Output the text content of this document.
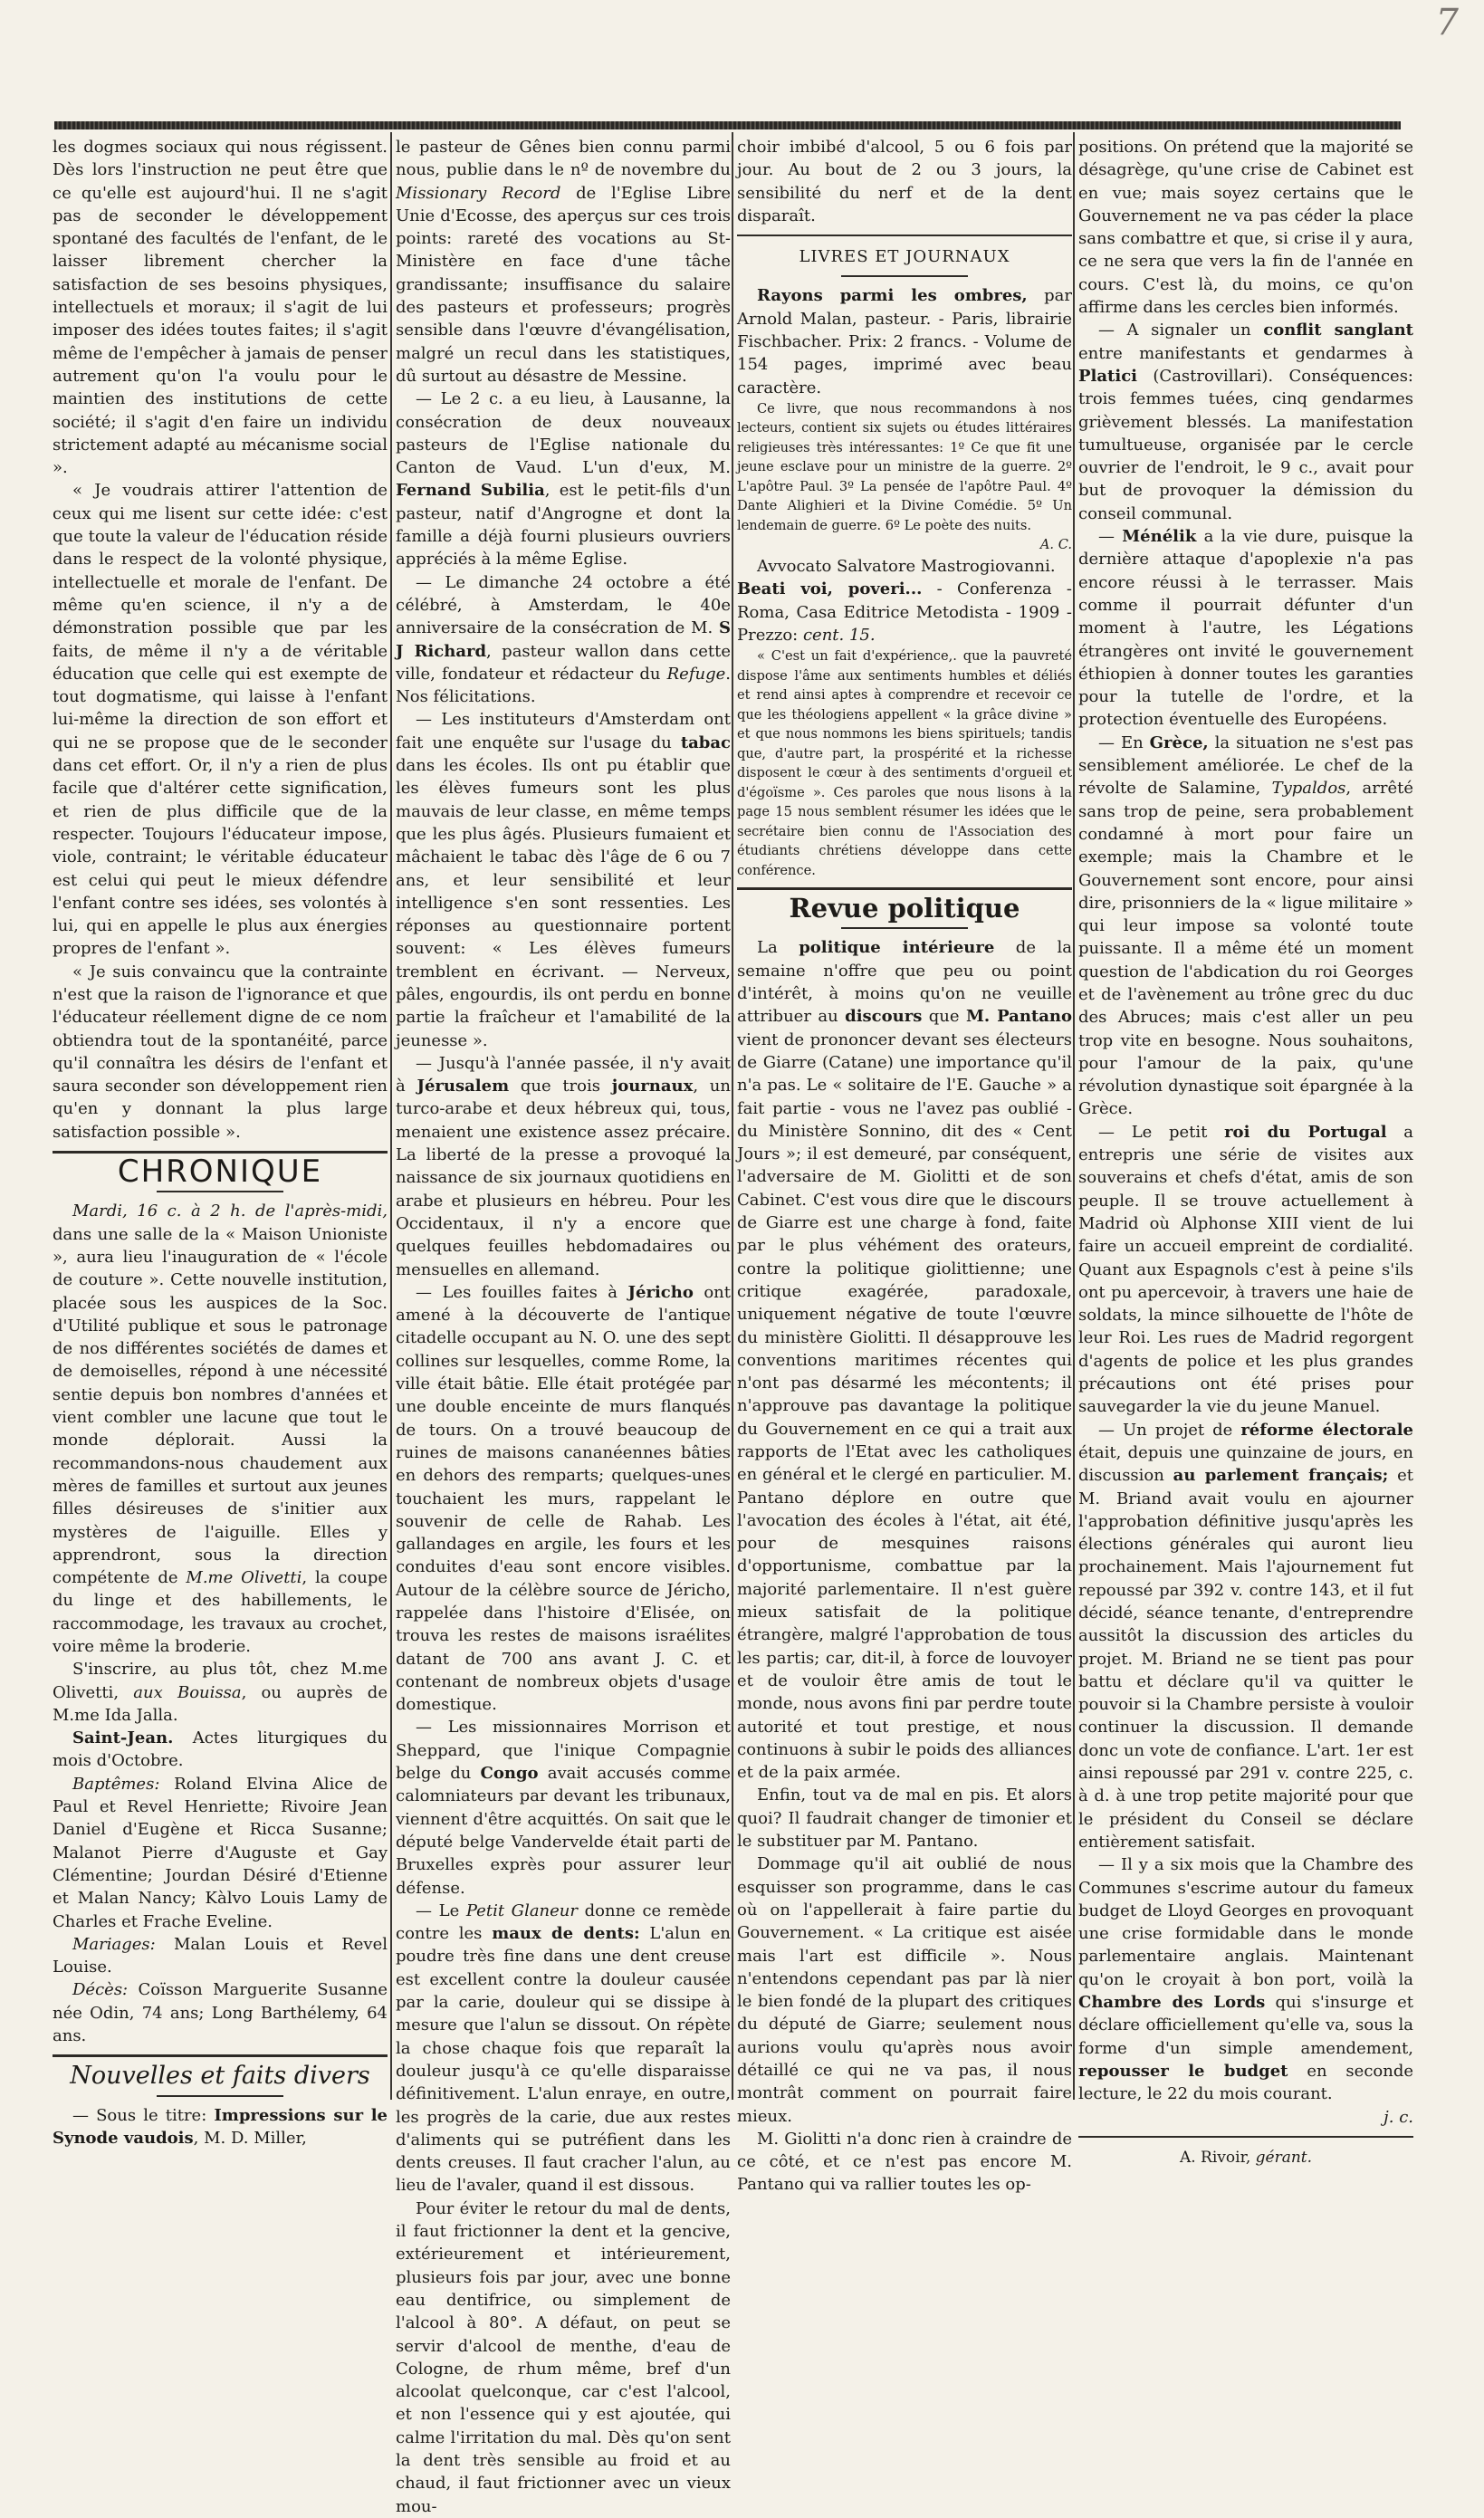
7

les dogmes sociaux qui nous régissent. Dès lors l'instruction ne peut être que ce qu'elle est aujourd'hui. Il ne s'agit pas de seconder le développement spontané des facultés de l'enfant, de le laisser librement chercher la satisfaction de ses besoins physiques, intellectuels et moraux; il s'agit de lui imposer des idées toutes faites; il s'agit même de l'empêcher à jamais de penser autrement qu'on l'a voulu pour le maintien des institutions de cette société; il s'agit d'en faire un individu strictement adapté au mécanisme social ».

« Je voudrais attirer l'attention de ceux qui me lisent sur cette idée: c'est que toute la valeur de l'éducation réside dans le respect de la volonté physique, intellectuelle et morale de l'enfant. De même qu'en science, il n'y a de démonstration possible que par les faits, de même il n'y a de véritable éducation que celle qui est exempte de tout dogmatisme, qui laisse à l'enfant lui-même la direction de son effort et qui ne se propose que de le seconder dans cet effort. Or, il n'y a rien de plus facile que d'altérer cette signification, et rien de plus difficile que de la respecter. Toujours l'éducateur impose, viole, contraint; le véritable éducateur est celui qui peut le mieux défendre l'enfant contre ses idées, ses volontés à lui, qui en appelle le plus aux énergies propres de l'enfant ».

« Je suis convaincu que la contrainte n'est que la raison de l'ignorance et que l'éducateur réellement digne de ce nom obtiendra tout de la spontanéité, parce qu'il connaîtra les désirs de l'enfant et saura seconder son développement rien qu'en y donnant la plus large satisfaction possible ».

CHRONIQUE

Mardi, 16 c. à 2 h. de l'après-midi, dans une salle de la « Maison Unioniste », aura lieu l'inauguration de « l'école de couture ». Cette nouvelle institution, placée sous les auspices de la Soc. d'Utilité publique et sous le patronage de nos différentes sociétés de dames et de demoiselles, répond à une nécessité sentie depuis bon nombres d'années et vient combler une lacune que tout le monde déplorait. Aussi la recommandons-nous chaudement aux mères de familles et surtout aux jeunes filles désireuses de s'initier aux mystères de l'aiguille. Elles y apprendront, sous la direction compétente de M.me Olivetti, la coupe du linge et des habillements, le raccommodage, les travaux au crochet, voire même la broderie.

S'inscrire, au plus tôt, chez M.me Olivetti, aux Bouissa, ou auprès de M.me Ida Jalla.

Saint-Jean. Actes liturgiques du mois d'Octobre.

Baptêmes: Roland Elvina Alice de Paul et Revel Henriette; Rivoire Jean Daniel d'Eugène et Ricca Susanne; Malanot Pierre d'Auguste et Gay Clémentine; Jourdan Désiré d'Etienne et Malan Nancy; Kàlvo Louis Lamy de Charles et Frache Eveline.

Mariages: Malan Louis et Revel Louise.

Décès: Coïsson Marguerite Susanne née Odin, 74 ans; Long Barthélemy, 64 ans.

Nouvelles et faits divers

— Sous le titre: Impressions sur le Synode vaudois, M. D. Miller,

le pasteur de Gênes bien connu parmi nous, publie dans le nº de novembre du Missionary Record de l'Eglise Libre Unie d'Ecosse, des aperçus sur ces trois points: rareté des vocations au St-Ministère en face d'une tâche grandissante; insuffisance du salaire des pasteurs et professeurs; progrès sensible dans l'œuvre d'évangélisation, malgré un recul dans les statistiques, dû surtout au désastre de Messine.

— Le 2 c. a eu lieu, à Lausanne, la consécration de deux nouveaux pasteurs de l'Eglise nationale du Canton de Vaud. L'un d'eux, M. Fernand Subilia, est le petit-fils d'un pasteur, natif d'Angrogne et dont la famille a déjà fourni plusieurs ouvriers appréciés à la même Eglise.

— Le dimanche 24 octobre a été célébré, à Amsterdam, le 40e anniversaire de la consécration de M. S J Richard, pasteur wallon dans cette ville, fondateur et rédacteur du Refuge. Nos félicitations.

— Les instituteurs d'Amsterdam ont fait une enquête sur l'usage du tabac dans les écoles. Ils ont pu établir que les élèves fumeurs sont les plus mauvais de leur classe, en même temps que les plus âgés. Plusieurs fumaient et mâchaient le tabac dès l'âge de 6 ou 7 ans, et leur sensibilité et leur intelligence s'en sont ressenties. Les réponses au questionnaire portent souvent: « Les élèves fumeurs tremblent en écrivant. — Nerveux, pâles, engourdis, ils ont perdu en bonne partie la fraîcheur et l'amabilité de la jeunesse ».

— Jusqu'à l'année passée, il n'y avait à Jérusalem que trois journaux, un turco-arabe et deux hébreux qui, tous, menaient une existence assez précaire. La liberté de la presse a provoqué la naissance de six journaux quotidiens en arabe et plusieurs en hébreu. Pour les Occidentaux, il n'y a encore que quelques feuilles hebdomadaires ou mensuelles en allemand.

— Les fouilles faites à Jéricho ont amené à la découverte de l'antique citadelle occupant au N. O. une des sept collines sur lesquelles, comme Rome, la ville était bâtie. Elle était protégée par une double enceinte de murs flanqués de tours. On a trouvé beaucoup de ruines de maisons cananéennes bâties en dehors des remparts; quelques-unes touchaient les murs, rappelant le souvenir de celle de Rahab. Les gallandages en argile, les fours et les conduites d'eau sont encore visibles. Autour de la célèbre source de Jéricho, rappelée dans l'histoire d'Elisée, on trouva les restes de maisons israélites datant de 700 ans avant J. C. et contenant de nombreux objets d'usage domestique.

— Les missionnaires Morrison et Sheppard, que l'inique Compagnie belge du Congo avait accusés comme calomniateurs par devant les tribunaux, viennent d'être acquittés. On sait que le député belge Vandervelde était parti de Bruxelles exprès pour assurer leur défense.

— Le Petit Glaneur donne ce remède contre les maux de dents: L'alun en poudre très fine dans une dent creuse est excellent contre la douleur causée par la carie, douleur qui se dissipe à mesure que l'alun se dissout. On répète la chose chaque fois que reparaît la douleur jusqu'à ce qu'elle disparaisse définitivement. L'alun enraye, en outre, les progrès de la carie, due aux restes d'aliments qui se putréfient dans les dents creuses. Il faut cracher l'alun, au lieu de l'avaler, quand il est dissous.

Pour éviter le retour du mal de dents, il faut frictionner la dent et la gencive, extérieurement et intérieurement, plusieurs fois par jour, avec une bonne eau dentifrice, ou simplement de l'alcool à 80°. A défaut, on peut se servir d'alcool de menthe, d'eau de Cologne, de rhum même, bref d'un alcoolat quelconque, car c'est l'alcool, et non l'essence qui y est ajoutée, qui calme l'irritation du mal. Dès qu'on sent la dent très sensible au froid et au chaud, il faut frictionner avec un vieux mou-

choir imbibé d'alcool, 5 ou 6 fois par jour. Au bout de 2 ou 3 jours, la sensibilité du nerf et de la dent disparaît.

LIVRES ET JOURNAUX

Rayons parmi les ombres, par Arnold Malan, pasteur. - Paris, librairie Fischbacher. Prix: 2 francs. - Volume de 154 pages, imprimé avec beau caractère.

Ce livre, que nous recommandons à nos lecteurs, contient six sujets ou études littéraires religieuses très intéressantes: 1º Ce que fit une jeune esclave pour un ministre de la guerre. 2º L'apôtre Paul. 3º La pensée de l'apôtre Paul. 4º Dante Alighieri et la Divine Comédie. 5º Un lendemain de guerre. 6º Le poète des nuits.

A. C.

Avvocato Salvatore Mastrogiovanni.

Beati voi, poveri... - Conferenza - Roma, Casa Editrice Metodista - 1909 - Prezzo: cent. 15.

« C'est un fait d'expérience,. que la pauvreté dispose l'âme aux sentiments humbles et déliés et rend ainsi aptes à comprendre et recevoir ce que les théologiens appellent « la grâce divine » et que nous nommons les biens spirituels; tandis que, d'autre part, la prospérité et la richesse disposent le cœur à des sentiments d'orgueil et d'égoïsme ». Ces paroles que nous lisons à la page 15 nous semblent résumer les idées que le secrétaire bien connu de l'Association des étudiants chrétiens développe dans cette conférence.

Revue politique

La politique intérieure de la semaine n'offre que peu ou point d'intérêt, à moins qu'on ne veuille attribuer au discours que M. Pantano vient de prononcer devant ses électeurs de Giarre (Catane) une importance qu'il n'a pas. Le « solitaire de l'E. Gauche » a fait partie - vous ne l'avez pas oublié - du Ministère Sonnino, dit des « Cent Jours »; il est demeuré, par conséquent, l'adversaire de M. Giolitti et de son Cabinet. C'est vous dire que le discours de Giarre est une charge à fond, faite par le plus véhément des orateurs, contre la politique giolittienne; une critique exagérée, paradoxale, uniquement négative de toute l'œuvre du ministère Giolitti. Il désapprouve les conventions maritimes récentes qui n'ont pas désarmé les mécontents; il n'approuve pas davantage la politique du Gouvernement en ce qui a trait aux rapports de l'Etat avec les catholiques en général et le clergé en particulier. M. Pantano déplore en outre que l'avocation des écoles à l'état, ait été, pour de mesquines raisons d'opportunisme, combattue par la majorité parlementaire. Il n'est guère mieux satisfait de la politique étrangère, malgré l'approbation de tous les partis; car, dit-il, à force de louvoyer et de vouloir être amis de tout le monde, nous avons fini par perdre toute autorité et tout prestige, et nous continuons à subir le poids des alliances et de la paix armée.

Enfin, tout va de mal en pis. Et alors quoi? Il faudrait changer de timonier et le substituer par M. Pantano.

Dommage qu'il ait oublié de nous esquisser son programme, dans le cas où on l'appellerait à faire partie du Gouvernement. « La critique est aisée mais l'art est difficile ». Nous n'entendons cependant pas par là nier le bien fondé de la plupart des critiques du député de Giarre; seulement nous aurions voulu qu'après nous avoir détaillé ce qui ne va pas, il nous montrât comment on pourrait faire mieux.

M. Giolitti n'a donc rien à craindre de ce côté, et ce n'est pas encore M. Pantano qui va rallier toutes les op-

positions. On prétend que la majorité se désagrège, qu'une crise de Cabinet est en vue; mais soyez certains que le Gouvernement ne va pas céder la place sans combattre et que, si crise il y aura, ce ne sera que vers la fin de l'année en cours. C'est là, du moins, ce qu'on affirme dans les cercles bien informés.

— A signaler un conflit sanglant entre manifestants et gendarmes à Platici (Castrovillari). Conséquences: trois femmes tuées, cinq gendarmes grièvement blessés. La manifestation tumultueuse, organisée par le cercle ouvrier de l'endroit, le 9 c., avait pour but de provoquer la démission du conseil communal.

— Ménélik a la vie dure, puisque la dernière attaque d'apoplexie n'a pas encore réussi à le terrasser. Mais comme il pourrait défunter d'un moment à l'autre, les Légations étrangères ont invité le gouvernement éthiopien à donner toutes les garanties pour la tutelle de l'ordre, et la protection éventuelle des Européens.

— En Grèce, la situation ne s'est pas sensiblement améliorée. Le chef de la révolte de Salamine, Typaldos, arrêté sans trop de peine, sera probablement condamné à mort pour faire un exemple; mais la Chambre et le Gouvernement sont encore, pour ainsi dire, prisonniers de la « ligue militaire » qui leur impose sa volonté toute puissante. Il a même été un moment question de l'abdication du roi Georges et de l'avènement au trône grec du duc des Abruces; mais c'est aller un peu trop vite en besogne. Nous souhaitons, pour l'amour de la paix, qu'une révolution dynastique soit épargnée à la Grèce.

— Le petit roi du Portugal a entrepris une série de visites aux souverains et chefs d'état, amis de son peuple. Il se trouve actuellement à Madrid où Alphonse XIII vient de lui faire un accueil empreint de cordialité. Quant aux Espagnols c'est à peine s'ils ont pu apercevoir, à travers une haie de soldats, la mince silhouette de l'hôte de leur Roi. Les rues de Madrid regorgent d'agents de police et les plus grandes précautions ont été prises pour sauvegarder la vie du jeune Manuel.

— Un projet de réforme électorale était, depuis une quinzaine de jours, en discussion au parlement français; et M. Briand avait voulu en ajourner l'approbation définitive jusqu'après les élections générales qui auront lieu prochainement. Mais l'ajournement fut repoussé par 392 v. contre 143, et il fut décidé, séance tenante, d'entreprendre aussitôt la discussion des articles du projet. M. Briand ne se tient pas pour battu et déclare qu'il va quitter le pouvoir si la Chambre persiste à vouloir continuer la discussion. Il demande donc un vote de confiance. L'art. 1er est ainsi repoussé par 291 v. contre 225, c. à d. à une trop petite majorité pour que le président du Conseil se déclare entièrement satisfait.

— Il y a six mois que la Chambre des Communes s'escrime autour du fameux budget de Lloyd Georges en provoquant une crise formidable dans le monde parlementaire anglais. Maintenant qu'on le croyait à bon port, voilà la Chambre des Lords qui s'insurge et déclare officiellement qu'elle va, sous la forme d'un simple amendement, repousser le budget en seconde lecture, le 22 du mois courant.

j. c.
A. Rivoir, gérant.
